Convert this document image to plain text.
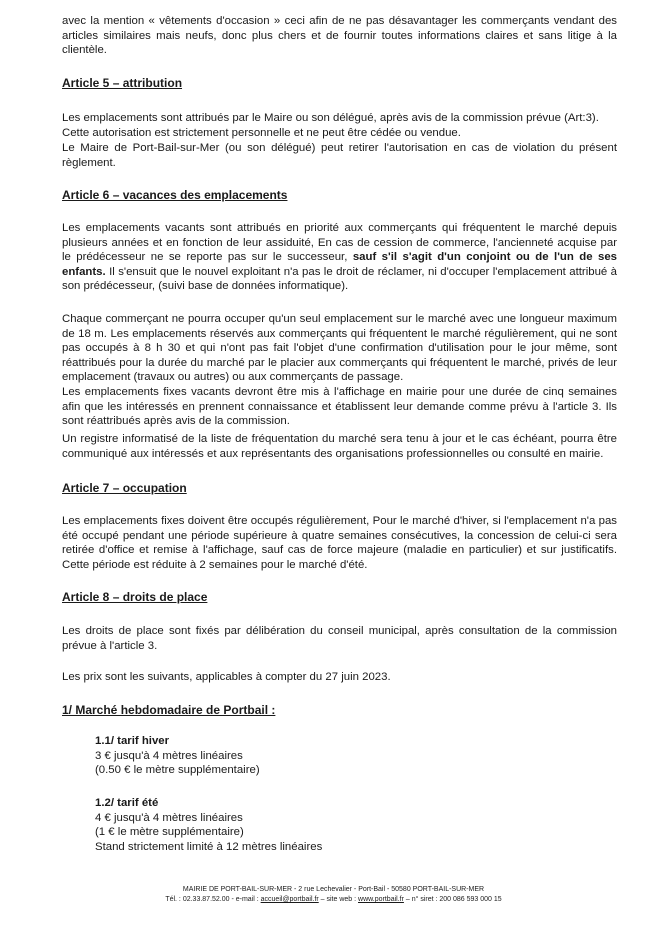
avec la mention « vêtements d'occasion » ceci afin de ne pas désavantager les commerçants vendant des articles similaires mais neufs, donc plus chers et de fournir toutes informations claires et sans litige à la clientèle.

Article 5 – attribution

Les emplacements sont attribués par le Maire ou son délégué, après avis de la commission prévue (Art:3).

Cette autorisation est strictement personnelle et ne peut être cédée ou vendue.

Le Maire de Port-Bail-sur-Mer (ou son délégué) peut retirer l'autorisation en cas de violation du présent règlement.

Article 6 – vacances des emplacements

Les emplacements vacants sont attribués en priorité aux commerçants qui fréquentent le marché depuis plusieurs années et en fonction de leur assiduité, En cas de cession de commerce, l'ancienneté acquise par le prédécesseur ne se reporte pas sur le successeur, sauf s'il s'agit d'un conjoint ou de l'un de ses enfants. Il s'ensuit que le nouvel exploitant n'a pas le droit de réclamer, ni d'occuper l'emplacement attribué à son prédécesseur, (suivi base de données informatique).

Chaque commerçant ne pourra occuper qu'un seul emplacement sur le marché avec une longueur maximum de 18 m. Les emplacements réservés aux commerçants qui fréquentent le marché régulièrement, qui ne sont pas occupés à 8 h 30 et qui n'ont pas fait l'objet d'une confirmation d'utilisation pour le jour même, sont réattribués pour la durée du marché par le placier aux commerçants qui fréquentent le marché, privés de leur emplacement (travaux ou autres) ou aux commerçants de passage.

Les emplacements fixes vacants devront être mis à l'affichage en mairie pour une durée de cinq semaines afin que les intéressés en prennent connaissance et établissent leur demande comme prévu à l'article 3. Ils sont réattribués après avis de la commission.

Un registre informatisé de la liste de fréquentation du marché sera tenu à jour et le cas échéant, pourra être communiqué aux intéressés et aux représentants des organisations professionnelles ou consulté en mairie.

Article 7 – occupation

Les emplacements fixes doivent être occupés régulièrement, Pour le marché d'hiver, si l'emplacement n'a pas été occupé pendant une période supérieure à quatre semaines consécutives, la concession de celui-ci sera retirée d'office et remise à l'affichage, sauf cas de force majeure (maladie en particulier) et sur justificatifs. Cette période est réduite à 2 semaines pour le marché d'été.

Article 8 – droits de place

Les droits de place sont fixés par délibération du conseil municipal, après consultation de la commission prévue à l'article 3.

Les prix sont les suivants, applicables à compter du 27 juin 2023.

1/ Marché hebdomadaire de Portbail :
1.1/ tarif hiver
3 € jusqu'à 4 mètres linéaires
(0.50 € le mètre supplémentaire)
1.2/ tarif été
4 € jusqu'à 4 mètres linéaires
(1 € le mètre supplémentaire)
Stand strictement limité à 12 mètres linéaires
MAIRIE DE PORT-BAIL-SUR-MER - 2 rue Lechevalier - Port-Bail - 50580 PORT-BAIL-SUR-MER
Tél. : 02.33.87.52.00 - e-mail : accueil@portbail.fr – site web : www.portbail.fr – n° siret : 200 086 593 000 15
